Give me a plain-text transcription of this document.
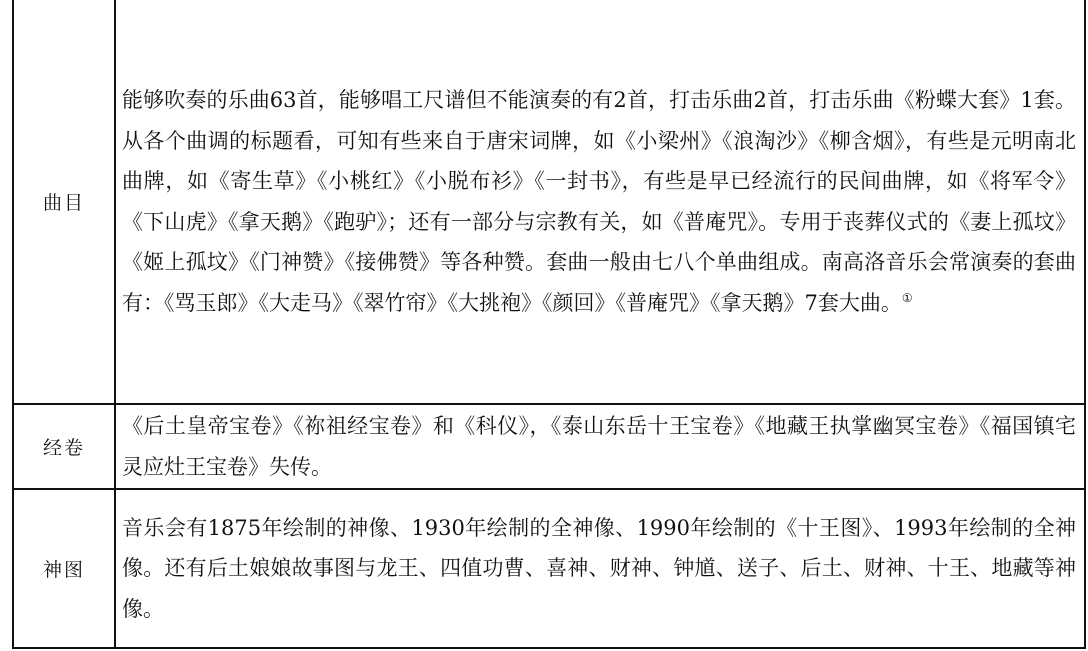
曲目	能够吹奏的乐曲63首，能够唱工尺谱但不能演奏的有2首，打击乐曲2首，打击乐曲《粉蝶大套》1套。从各个曲调的标题看，可知有些来自于唐宋词牌，如《小梁州》《浪淘沙》《柳含烟》，有些是元明南北曲牌，如《寄生草》《小桃红》《小脱布衫》《一封书》，有些是早已经流行的民间曲牌，如《将军令》《下山虎》《拿天鹅》《跑驴》；还有一部分与宗教有关，如《普庵咒》。专用于丧葬仪式的《妻上孤坟》《姬上孤坟》《门神赞》《接佛赞》等各种赞。套曲一般由七八个单曲组成。南高洛音乐会常演奏的套曲有：《骂玉郎》《大走马》《翠竹帘》《大挑袍》《颜回》《普庵咒》《拿天鹅》7套大曲。①
经卷	《后土皇帝宝卷》《祢祖经宝卷》和《科仪》，《泰山东岳十王宝卷》《地藏王执掌幽冥宝卷》《福国镇宅灵应灶王宝卷》失传。
神图	音乐会有1875年绘制的神像、1930年绘制的全神像、1990年绘制的《十王图》、1993年绘制的全神像。还有后土娘娘故事图与龙王、四值功曹、喜神、财神、钟馗、送子、后土、财神、十王、地藏等神像。
